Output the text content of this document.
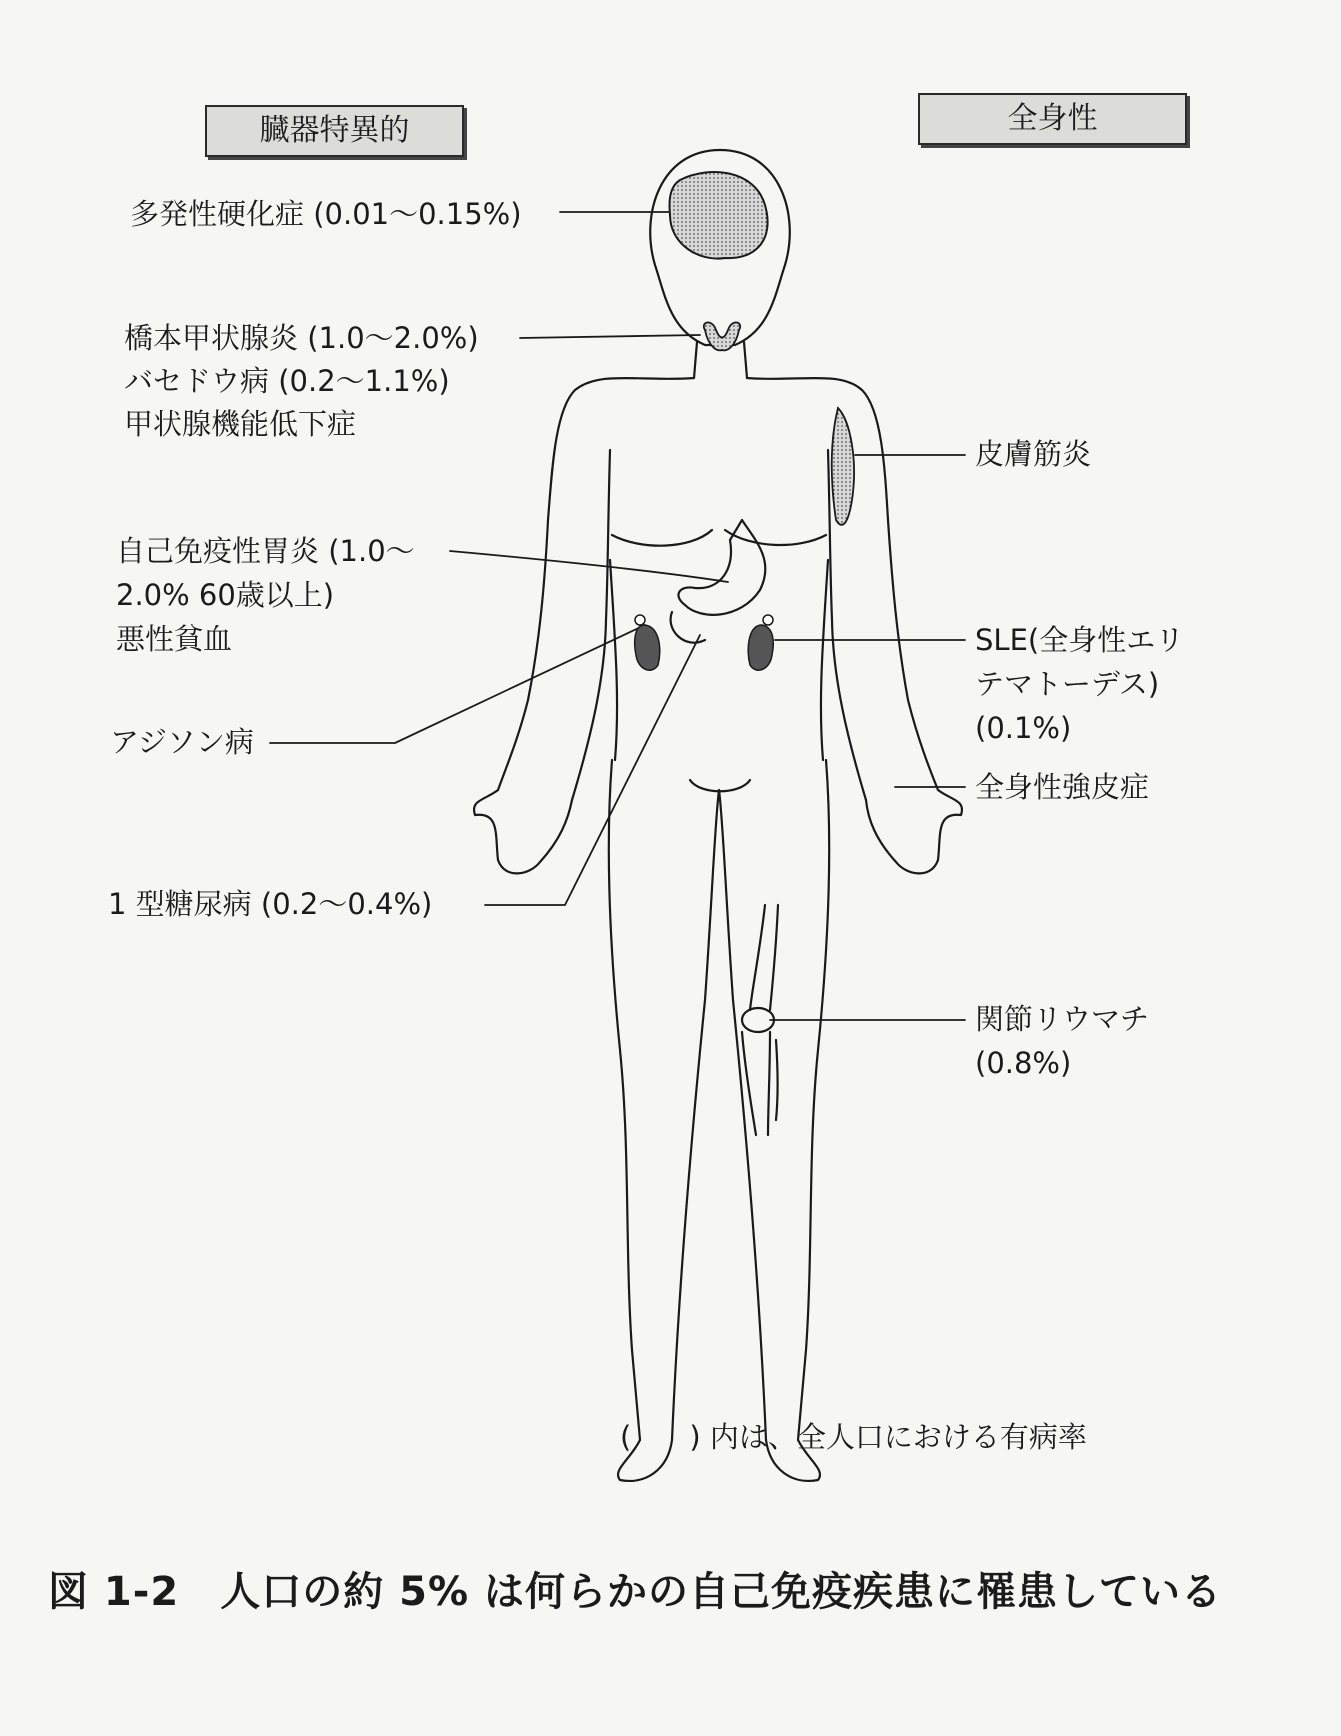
臓器特異的	全身性
多発性硬化症 (0.01〜0.15%)
橋本甲状腺炎 (1.0〜2.0%)
バセドウ病 (0.2〜1.1%)
甲状腺機能低下症
自己免疫性胃炎 (1.0〜
2.0% 60歳以上)
悪性貧血
アジソン病
1 型糖尿病 (0.2〜0.4%)
皮膚筋炎
SLE(全身性エリ
テマトーデス)
(0.1%)
全身性強皮症
関節リウマチ
(0.8%)
(　　) 内は、全人口における有病率
図 1-2　人口の約 5% は何らかの自己免疫疾患に罹患している
